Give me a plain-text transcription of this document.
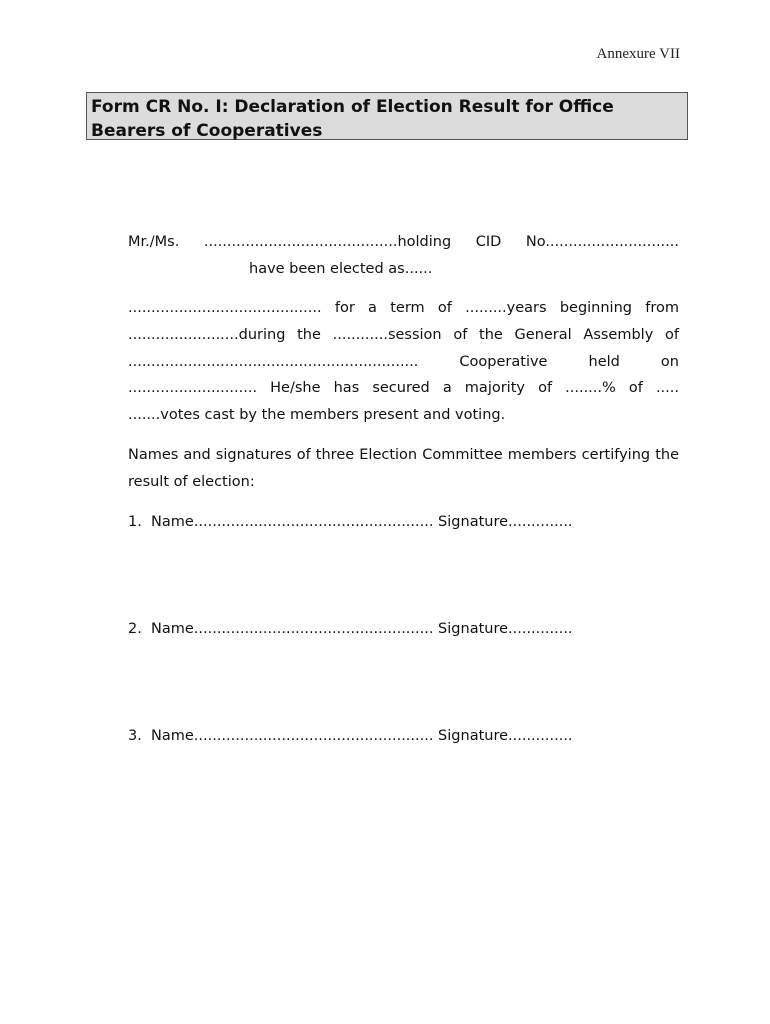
Annexure VII
Form CR No. I: Declaration of Election Result for Office Bearers of Cooperatives
Mr./Ms. ..........................................holding CID No.............................
have been elected as......
.......................................... for a term of .........years beginning from ........................during the ............session of the General Assembly of ............................................................... Cooperative held on ............................ He/she has secured a majority of ........% of ..... .......votes cast by the members present and voting.
Names and signatures of three Election Committee members certifying the result of election:
1. Name.................................................... Signature..............
2. Name.................................................... Signature..............
3. Name.................................................... Signature..............
